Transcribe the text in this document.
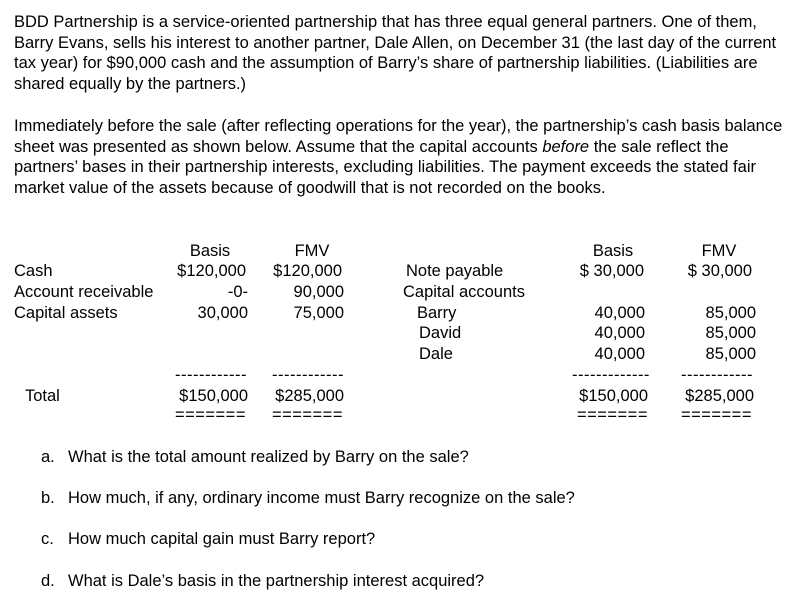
BDD Partnership is a service-oriented partnership that has three equal general partners. One of them, Barry Evans, sells his interest to another partner, Dale Allen, on December 31 (the last day of the current tax year) for $90,000 cash and the assumption of Barry’s share of partnership liabilities. (Liabilities are shared equally by the partners.)

Immediately before the sale (after reflecting operations for the year), the partnership’s cash basis balance sheet was presented as shown below. Assume that the capital accounts before the sale reflect the partners’ bases in their partnership interests, excluding liabilities. The payment exceeds the stated fair market value of the assets because of goodwill that is not recorded on the books.

Basis	FMV
Cash	$120,000	$120,000
Account receivable	-0-	90,000
Capital assets	30,000	75,000
------------ ------------
Total	$150,000	$285,000
======= =======
Basis	FMV
Note payable	$ 30,000	$ 30,000
Capital accounts
Barry	40,000	85,000
David	40,000	85,000
Dale	40,000	85,000
------------- ------------
$150,000	$285,000
======= =======
a. What is the total amount realized by Barry on the sale?
b. How much, if any, ordinary income must Barry recognize on the sale?
c. How much capital gain must Barry report?
d. What is Dale’s basis in the partnership interest acquired?
